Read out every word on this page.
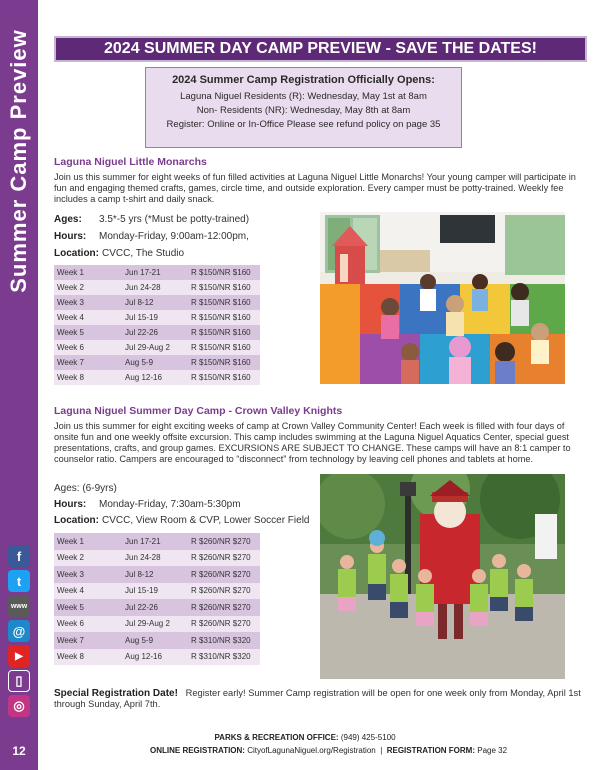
Summer Camp Preview
f
t
www
@
▶
▯
◎
12
2024 SUMMER DAY CAMP PREVIEW - SAVE THE DATES!
2024 Summer Camp Registration Officially Opens:
Laguna Niguel Residents (R): Wednesday, May 1st at 8am
Non- Residents (NR): Wednesday, May 8th at 8am
Register: Online or In-Office Please see refund policy on page 35
Laguna Niguel Little Monarchs
Join us this summer for eight weeks of fun filled activities at Laguna Niguel Little Monarchs! Your young camper will participate in fun and engaging themed crafts, games, circle time, and outside exploration. Every camper must be potty-trained. Weekly fee includes a camp t-shirt and daily snack.
Ages: 3.5*-5 yrs (*Must be potty-trained)
Hours: Monday-Friday, 9:00am-12:00pm,
Location: CVCC, The Studio
Week 1	Jun 17-21	R $150/NR $160
Week 2	Jun 24-28	R $150/NR $160
Week 3	Jul 8-12	R $150/NR $160
Week 4	Jul 15-19	R $150/NR $160
Week 5	Jul 22-26	R $150/NR $160
Week 6	Jul 29-Aug 2	R $150/NR $160
Week 7	Aug 5-9	R $150/NR $160
Week 8	Aug 12-16	R $150/NR $160
Laguna Niguel Summer Day Camp - Crown Valley Knights
Join us this summer for eight exciting weeks of camp at Crown Valley Community Center! Each week is filled with four days of onsite fun and one weekly offsite excursion. This camp includes swimming at the Laguna Niguel Aquatics Center, special guest presentations, crafts, and group games. EXCURSIONS ARE SUBJECT TO CHANGE. These camps will have an 8:1 camper to counselor ratio. Campers are encouraged to “disconnect” from technology by leaving cell phones and tablets at home.
Ages: (6-9yrs)
Hours: Monday-Friday, 7:30am-5:30pm
Location: CVCC, View Room & CVP, Lower Soccer Field
Week 1	Jun 17-21	R $260/NR $270
Week 2	Jun 24-28	R $260/NR $270
Week 3	Jul 8-12	R $260/NR $270
Week 4	Jul 15-19	R $260/NR $270
Week 5	Jul 22-26	R $260/NR $270
Week 6	Jul 29-Aug 2	R $260/NR $270
Week 7	Aug 5-9	R $310/NR $320
Week 8	Aug 12-16	R $310/NR $320
Special Registration Date! Register early! Summer Camp registration will be open for one week only from Monday, April 1st through Sunday, April 7th.
PARKS & RECREATION OFFICE: (949) 425-5100
ONLINE REGISTRATION: CityofLagunaNiguel.org/Registration | REGISTRATION FORM: Page 32
